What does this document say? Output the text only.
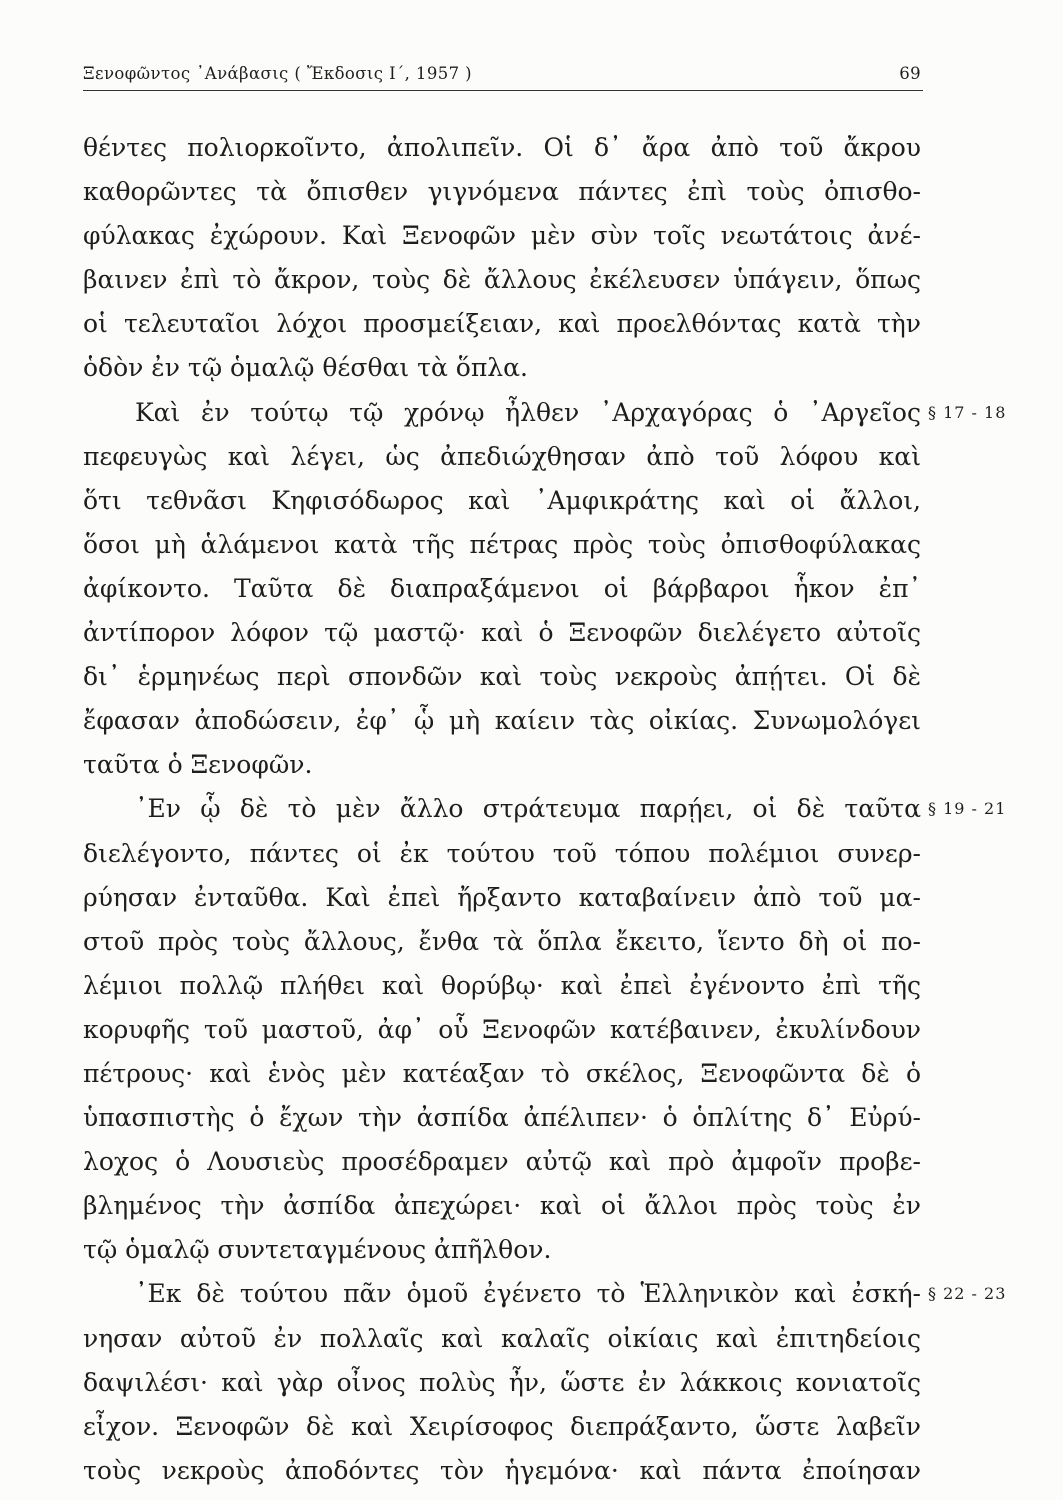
Ξενοφῶντος ᾿Ανάβασις ( Ἔκδοσις Ι΄, 1957 )	69
θέντες πολιορκοῖντο, ἀπολιπεῖν. Οἱ δ᾿ ἄρα ἀπὸ τοῦ ἄκρου
καθορῶντες τὰ ὄπισθεν γιγνόμενα πάντες ἐπὶ τοὺς ὀπισθο-
φύλακας ἐχώρουν. Καὶ Ξενοφῶν μὲν σὺν τοῖς νεωτάτοις ἀνέ-
βαινεν ἐπὶ τὸ ἄκρον, τοὺς δὲ ἄλλους ἐκέλευσεν ὑπάγειν, ὅπως
οἱ τελευταῖοι λόχοι προσμείξειαν, καὶ προελθόντας κατὰ τὴν
ὁδὸν ἐν τῷ ὁμαλῷ θέσθαι τὰ ὅπλα.
Καὶ ἐν τούτῳ τῷ χρόνῳ ἦλθεν ᾿Αρχαγόρας ὁ ᾿Αργεῖος § 17 - 18
πεφευγὼς καὶ λέγει, ὡς ἀπεδιώχθησαν ἀπὸ τοῦ λόφου καὶ
ὅτι τεθνᾶσι Κηφισόδωρος καὶ ᾿Αμφικράτης καὶ οἱ ἄλλοι,
ὅσοι μὴ ἁλάμενοι κατὰ τῆς πέτρας πρὸς τοὺς ὀπισθοφύλακας
ἀφίκοντο. Ταῦτα δὲ διαπραξάμενοι οἱ βάρβαροι ἧκον ἐπ᾿
ἀντίπορον λόφον τῷ μαστῷ· καὶ ὁ Ξενοφῶν διελέγετο αὐτοῖς
δι᾿ ἑρμηνέως περὶ σπονδῶν καὶ τοὺς νεκροὺς ἀπῄτει. Οἱ δὲ
ἔφασαν ἀποδώσειν, ἐφ᾿ ᾧ μὴ καίειν τὰς οἰκίας. Συνωμολόγει
ταῦτα ὁ Ξενοφῶν.
᾿Εν ᾧ δὲ τὸ μὲν ἄλλο στράτευμα παρῄει, οἱ δὲ ταῦτα § 19 - 21
διελέγοντο, πάντες οἱ ἐκ τούτου τοῦ τόπου πολέμιοι συνερ-
ρύησαν ἐνταῦθα. Καὶ ἐπεὶ ἤρξαντο καταβαίνειν ἀπὸ τοῦ μα-
στοῦ πρὸς τοὺς ἄλλους, ἔνθα τὰ ὅπλα ἔκειτο, ἵεντο δὴ οἱ πο-
λέμιοι πολλῷ πλήθει καὶ θορύβῳ· καὶ ἐπεὶ ἐγένοντο ἐπὶ τῆς
κορυφῆς τοῦ μαστοῦ, ἀφ᾿ οὗ Ξενοφῶν κατέβαινεν, ἐκυλίνδουν
πέτρους· καὶ ἑνὸς μὲν κατέαξαν τὸ σκέλος, Ξενοφῶντα δὲ ὁ
ὑπασπιστὴς ὁ ἔχων τὴν ἀσπίδα ἀπέλιπεν· ὁ ὁπλίτης δ᾿ Εὐρύ-
λοχος ὁ Λουσιεὺς προσέδραμεν αὐτῷ καὶ πρὸ ἀμφοῖν προβε-
βλημένος τὴν ἀσπίδα ἀπεχώρει· καὶ οἱ ἄλλοι πρὸς τοὺς ἐν
τῷ ὁμαλῷ συντεταγμένους ἀπῆλθον.
᾿Εκ δὲ τούτου πᾶν ὁμοῦ ἐγένετο τὸ Ἑλληνικὸν καὶ ἐσκή- § 22 - 23
νησαν αὐτοῦ ἐν πολλαῖς καὶ καλαῖς οἰκίαις καὶ ἐπιτηδείοις
δαψιλέσι· καὶ γὰρ οἶνος πολὺς ἦν, ὥστε ἐν λάκκοις κονιατοῖς
εἶχον. Ξενοφῶν δὲ καὶ Χειρίσοφος διεπράξαντο, ὥστε λαβεῖν
τοὺς νεκροὺς ἀποδόντες τὸν ἡγεμόνα· καὶ πάντα ἐποίησαν
